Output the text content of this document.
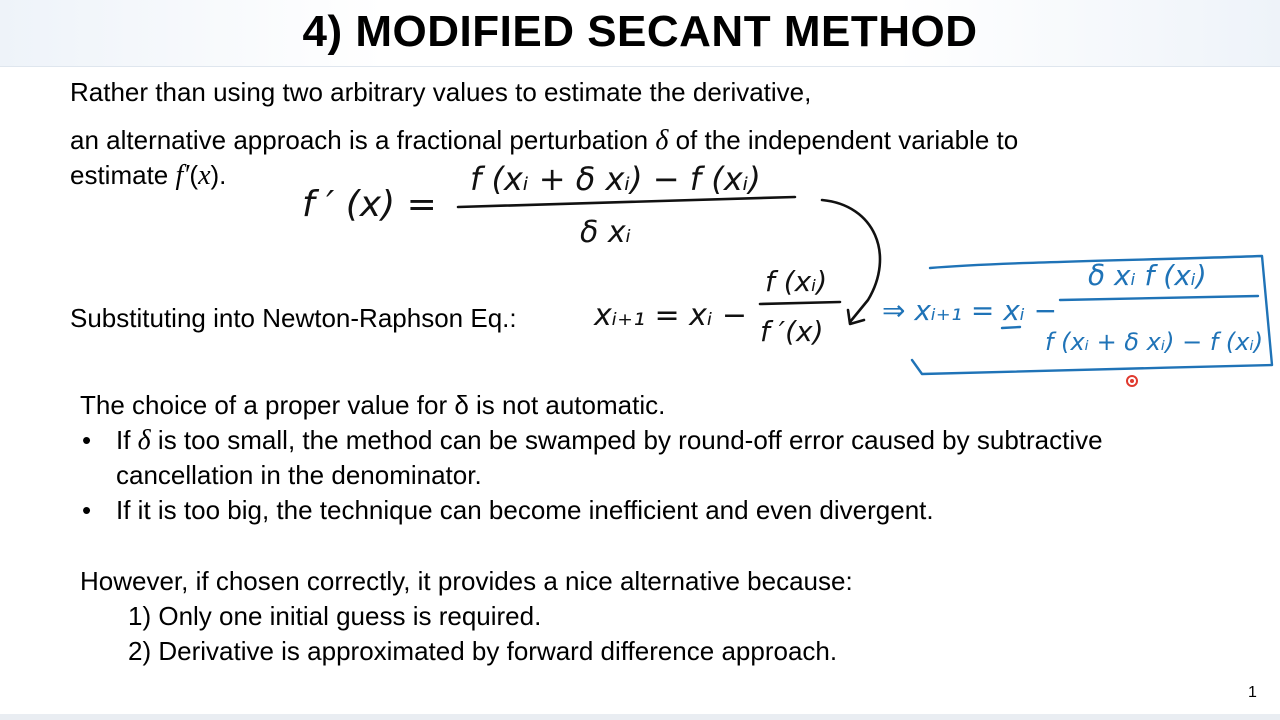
4) MODIFIED SECANT METHOD
Rather than using two arbitrary values to estimate the derivative,
an alternative approach is a fractional perturbation δ of the independent variable to
estimate f′(x).
Substituting into Newton-Raphson Eq.:
The choice of a proper value for δ is not automatic.
• If δ is too small, the method can be swamped by round-off error caused by subtractive
cancellation in the denominator.
• If it is too big, the technique can become inefficient and even divergent.
However, if chosen correctly, it provides a nice alternative because:
1) Only one initial guess is required.
2) Derivative is approximated by forward difference approach.
f ′ (x) =
f (xᵢ + δ xᵢ) − f (xᵢ)
δ xᵢ
xᵢ₊₁ = xᵢ −
f (xᵢ)
f ′(x)
⇒ xᵢ₊₁ = xᵢ −
δ xᵢ f (xᵢ)
f (xᵢ + δ xᵢ) − f (xᵢ)
1
